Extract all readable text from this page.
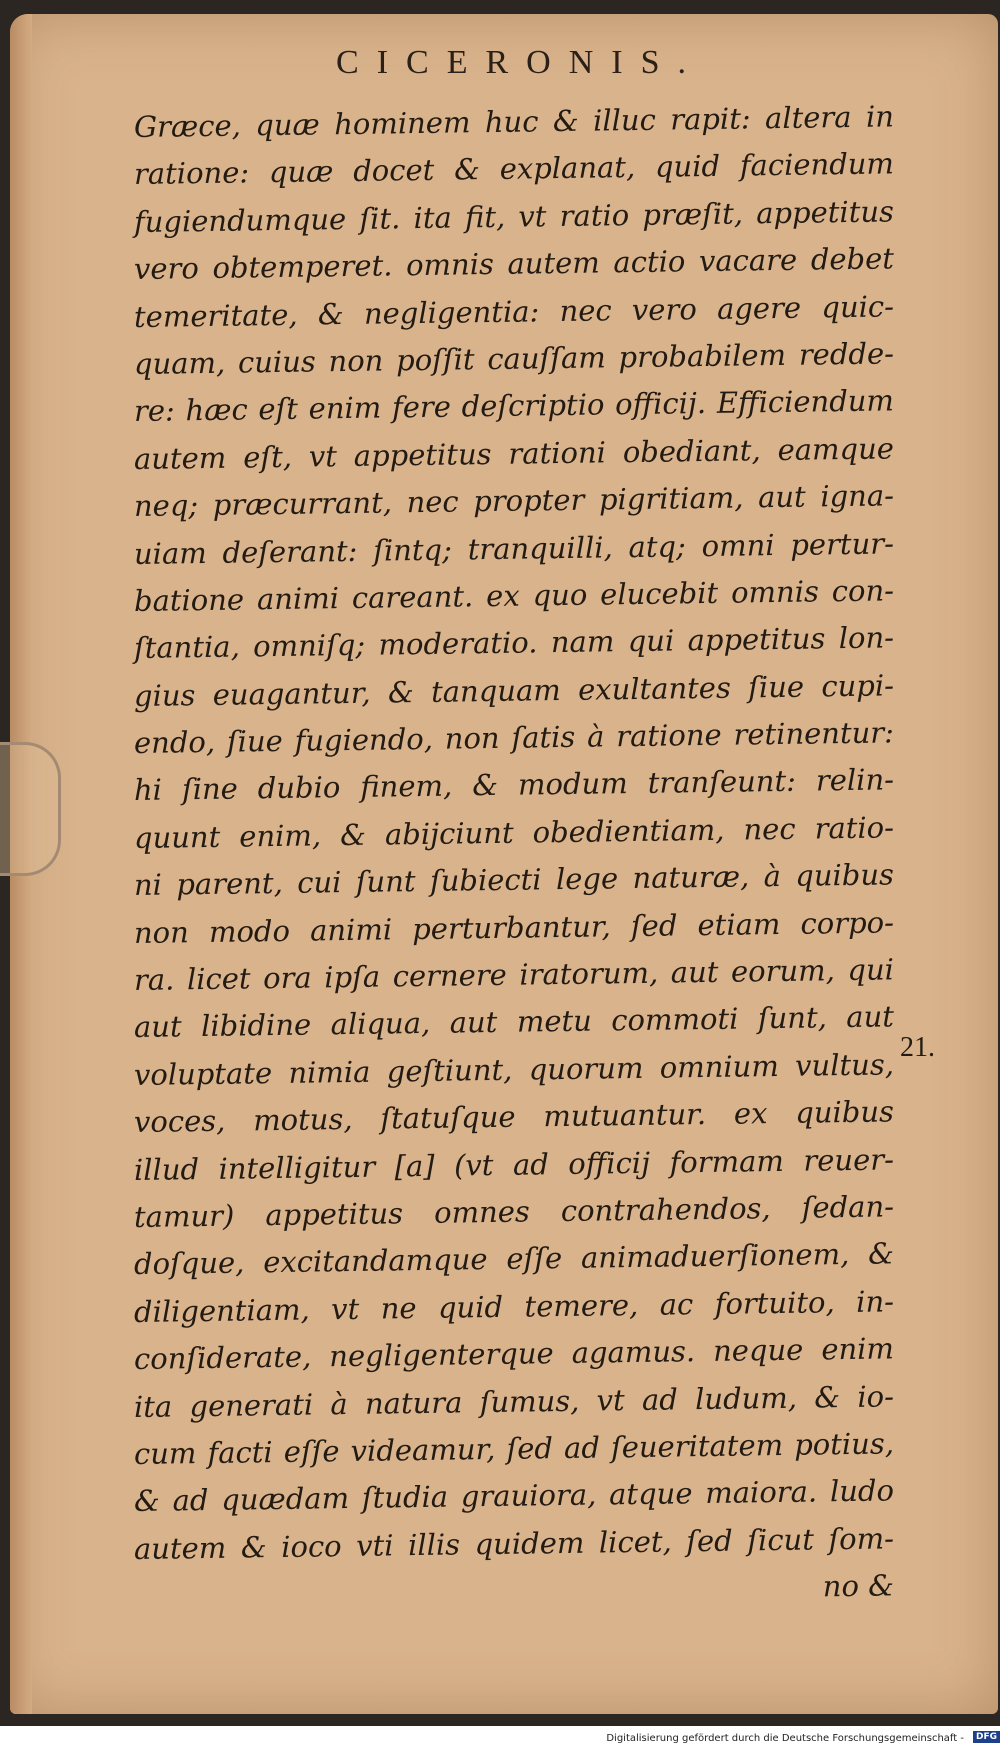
CICERONIS.
Græce, quæ hominem huc & illuc rapit: altera in
ratione: quæ docet & explanat, quid faciendum
fugiendumque ſit. ita fit, vt ratio præſit, appetitus
vero obtemperet. omnis autem actio vacare debet
temeritate, & negligentia: nec vero agere quic-
quam, cuius non poſſit cauſſam probabilem redde-
re: hæc eſt enim fere deſcriptio officij. Efficiendum
autem eſt, vt appetitus rationi obediant, eamque
neq; præcurrant, nec propter pigritiam, aut igna-
uiam deſerant: ſintq; tranquilli, atq; omni pertur-
batione animi careant. ex quo elucebit omnis con-
ſtantia, omniſq; moderatio. nam qui appetitus lon-
gius euagantur, & tanquam exultantes ſiue cupi-
endo, ſiue fugiendo, non ſatis à ratione retinentur:
hi ſine dubio finem, & modum tranſeunt: relin-
quunt enim, & abijciunt obedientiam, nec ratio-
ni parent, cui ſunt ſubiecti lege naturæ, à quibus
non modo animi perturbantur, ſed etiam corpo-
ra. licet ora ipſa cernere iratorum, aut eorum, qui
aut libidine aliqua, aut metu commoti ſunt, aut
voluptate nimia geſtiunt, quorum omnium vultus,
voces, motus, ſtatuſque mutuantur. ex quibus
illud intelligitur [a] (vt ad officij formam reuer-
tamur) appetitus omnes contrahendos, ſedan-
doſque, excitandamque eſſe animaduerſionem, &
diligentiam, vt ne quid temere, ac fortuito, in-
conſiderate, negligenterque agamus. neque enim
ita generati à natura ſumus, vt ad ludum, & io-
cum facti eſſe videamur, ſed ad ſeueritatem potius,
& ad quædam ſtudia grauiora, atque maiora. ludo
autem & ioco vti illis quidem licet, ſed ſicut ſom-
no &
21.
Digitalisierung gefördert durch die Deutsche Forschungsgemeinschaft - DFG
